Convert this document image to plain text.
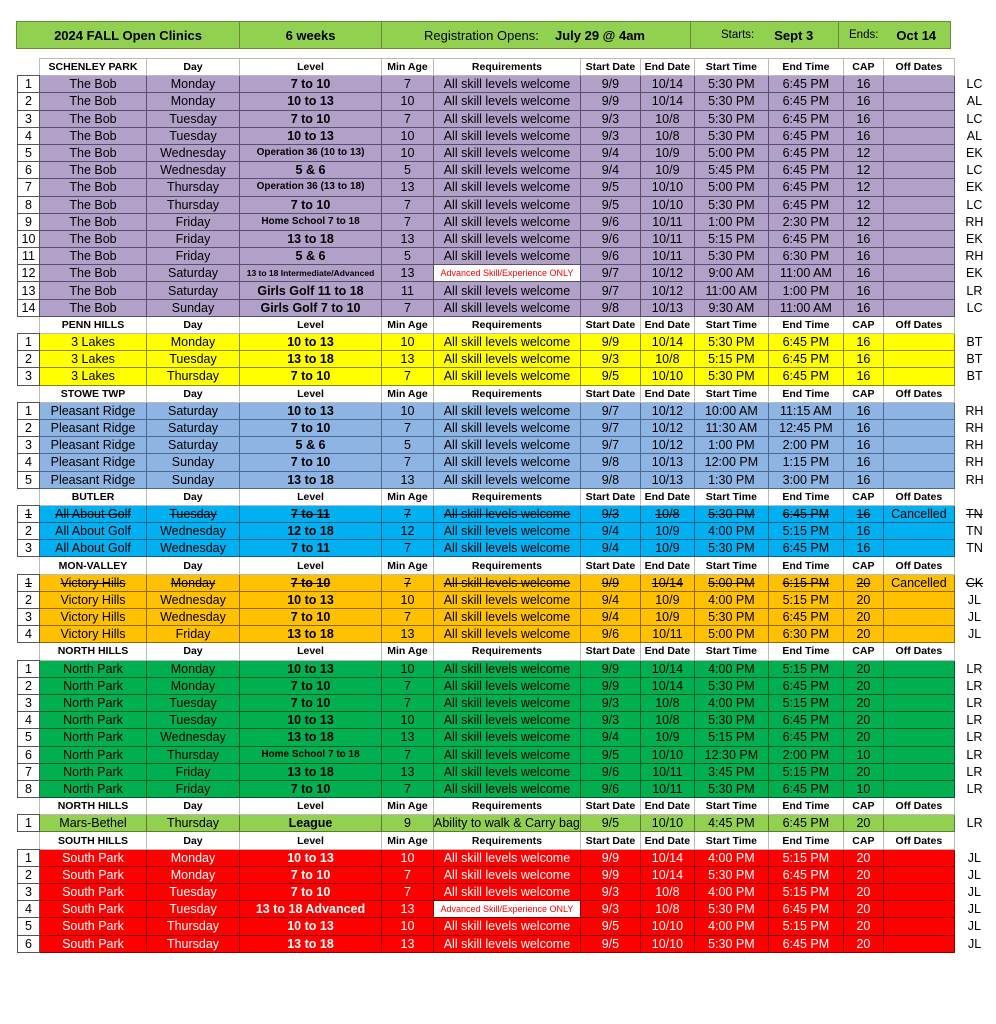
2024 FALL Open Clinics	6 weeks	Registration Opens: July 29 @ 4am	Starts: Sept 3	Ends: Oct 14
	SCHENLEY PARK	Day	Level	Min Age	Requirements	Start Date	End Date	Start Time	End Time	CAP	Off Dates	
1	The Bob	Monday	7 to 10	7	All skill levels welcome	9/9	10/14	5:30 PM	6:45 PM	16		LC
2	The Bob	Monday	10 to 13	10	All skill levels welcome	9/9	10/14	5:30 PM	6:45 PM	16		AL
3	The Bob	Tuesday	7 to 10	7	All skill levels welcome	9/3	10/8	5:30 PM	6:45 PM	16		LC
4	The Bob	Tuesday	10 to 13	10	All skill levels welcome	9/3	10/8	5:30 PM	6:45 PM	16		AL
5	The Bob	Wednesday	Operation 36 (10 to 13)	10	All skill levels welcome	9/4	10/9	5:00 PM	6:45 PM	12		EK
6	The Bob	Wednesday	5 & 6	5	All skill levels welcome	9/4	10/9	5:45 PM	6:45 PM	12		LC
7	The Bob	Thursday	Operation 36 (13 to 18)	13	All skill levels welcome	9/5	10/10	5:00 PM	6:45 PM	12		EK
8	The Bob	Thursday	7 to 10	7	All skill levels welcome	9/5	10/10	5:30 PM	6:45 PM	12		LC
9	The Bob	Friday	Home School 7 to 18	7	All skill levels welcome	9/6	10/11	1:00 PM	2:30 PM	12		RH
10	The Bob	Friday	13 to 18	13	All skill levels welcome	9/6	10/11	5:15 PM	6:45 PM	16		EK
11	The Bob	Friday	5 & 6	5	All skill levels welcome	9/6	10/11	5:30 PM	6:30 PM	16		RH
12	The Bob	Saturday	13 to 18 Intermediate/Advanced	13	Advanced Skill/Experience ONLY	9/7	10/12	9:00 AM	11:00 AM	16		EK
13	The Bob	Saturday	Girls Golf 11 to 18	11	All skill levels welcome	9/7	10/12	11:00 AM	1:00 PM	16		LR
14	The Bob	Sunday	Girls Golf 7 to 10	7	All skill levels welcome	9/8	10/13	9:30 AM	11:00 AM	16		LC
	PENN HILLS	Day	Level	Min Age	Requirements	Start Date	End Date	Start Time	End Time	CAP	Off Dates	
1	3 Lakes	Monday	10 to 13	10	All skill levels welcome	9/9	10/14	5:30 PM	6:45 PM	16		BT
2	3 Lakes	Tuesday	13 to 18	13	All skill levels welcome	9/3	10/8	5:15 PM	6:45 PM	16		BT
3	3 Lakes	Thursday	7 to 10	7	All skill levels welcome	9/5	10/10	5:30 PM	6:45 PM	16		BT
	STOWE TWP	Day	Level	Min Age	Requirements	Start Date	End Date	Start Time	End Time	CAP	Off Dates	
1	Pleasant Ridge	Saturday	10 to 13	10	All skill levels welcome	9/7	10/12	10:00 AM	11:15 AM	16		RH
2	Pleasant Ridge	Saturday	7 to 10	7	All skill levels welcome	9/7	10/12	11:30 AM	12:45 PM	16		RH
3	Pleasant Ridge	Saturday	5 & 6	5	All skill levels welcome	9/7	10/12	1:00 PM	2:00 PM	16		RH
4	Pleasant Ridge	Sunday	7 to 10	7	All skill levels welcome	9/8	10/13	12:00 PM	1:15 PM	16		RH
5	Pleasant Ridge	Sunday	13 to 18	13	All skill levels welcome	9/8	10/13	1:30 PM	3:00 PM	16		RH
	BUTLER	Day	Level	Min Age	Requirements	Start Date	End Date	Start Time	End Time	CAP	Off Dates	
1	All About Golf	Tuesday	7 to 11	7	All skill levels welcome	9/3	10/8	5:30 PM	6:45 PM	16	Cancelled	TN
2	All About Golf	Wednesday	12 to 18	12	All skill levels welcome	9/4	10/9	4:00 PM	5:15 PM	16		TN
3	All About Golf	Wednesday	7 to 11	7	All skill levels welcome	9/4	10/9	5:30 PM	6:45 PM	16		TN
	MON-VALLEY	Day	Level	Min Age	Requirements	Start Date	End Date	Start Time	End Time	CAP	Off Dates	
1	Victory Hills	Monday	7 to 10	7	All skill levels welcome	9/9	10/14	5:00 PM	6:15 PM	20	Cancelled	CK
2	Victory Hills	Wednesday	10 to 13	10	All skill levels welcome	9/4	10/9	4:00 PM	5:15 PM	20		JL
3	Victory Hills	Wednesday	7 to 10	7	All skill levels welcome	9/4	10/9	5:30 PM	6:45 PM	20		JL
4	Victory Hills	Friday	13 to 18	13	All skill levels welcome	9/6	10/11	5:00 PM	6:30 PM	20		JL
	NORTH HILLS	Day	Level	Min Age	Requirements	Start Date	End Date	Start Time	End Time	CAP	Off Dates	
1	North Park	Monday	10 to 13	10	All skill levels welcome	9/9	10/14	4:00 PM	5:15 PM	20		LR
2	North Park	Monday	7 to 10	7	All skill levels welcome	9/9	10/14	5:30 PM	6:45 PM	20		LR
3	North Park	Tuesday	7 to 10	7	All skill levels welcome	9/3	10/8	4:00 PM	5:15 PM	20		LR
4	North Park	Tuesday	10 to 13	10	All skill levels welcome	9/3	10/8	5:30 PM	6:45 PM	20		LR
5	North Park	Wednesday	13 to 18	13	All skill levels welcome	9/4	10/9	5:15 PM	6:45 PM	20		LR
6	North Park	Thursday	Home School 7 to 18	7	All skill levels welcome	9/5	10/10	12:30 PM	2:00 PM	10		LR
7	North Park	Friday	13 to 18	13	All skill levels welcome	9/6	10/11	3:45 PM	5:15 PM	20		LR
8	North Park	Friday	7 to 10	7	All skill levels welcome	9/6	10/11	5:30 PM	6:45 PM	10		LR
	NORTH HILLS	Day	Level	Min Age	Requirements	Start Date	End Date	Start Time	End Time	CAP	Off Dates	
1	Mars-Bethel	Thursday	League	9	Ability to walk & Carry bag	9/5	10/10	4:45 PM	6:45 PM	20		LR
	SOUTH HILLS	Day	Level	Min Age	Requirements	Start Date	End Date	Start Time	End Time	CAP	Off Dates	
1	South Park	Monday	10 to 13	10	All skill levels welcome	9/9	10/14	4:00 PM	5:15 PM	20		JL
2	South Park	Monday	7 to 10	7	All skill levels welcome	9/9	10/14	5:30 PM	6:45 PM	20		JL
3	South Park	Tuesday	7 to 10	7	All skill levels welcome	9/3	10/8	4:00 PM	5:15 PM	20		JL
4	South Park	Tuesday	13 to 18 Advanced	13	Advanced Skill/Experience ONLY	9/3	10/8	5:30 PM	6:45 PM	20		JL
5	South Park	Thursday	10 to 13	10	All skill levels welcome	9/5	10/10	4:00 PM	5:15 PM	20		JL
6	South Park	Thursday	13 to 18	13	All skill levels welcome	9/5	10/10	5:30 PM	6:45 PM	20		JL
